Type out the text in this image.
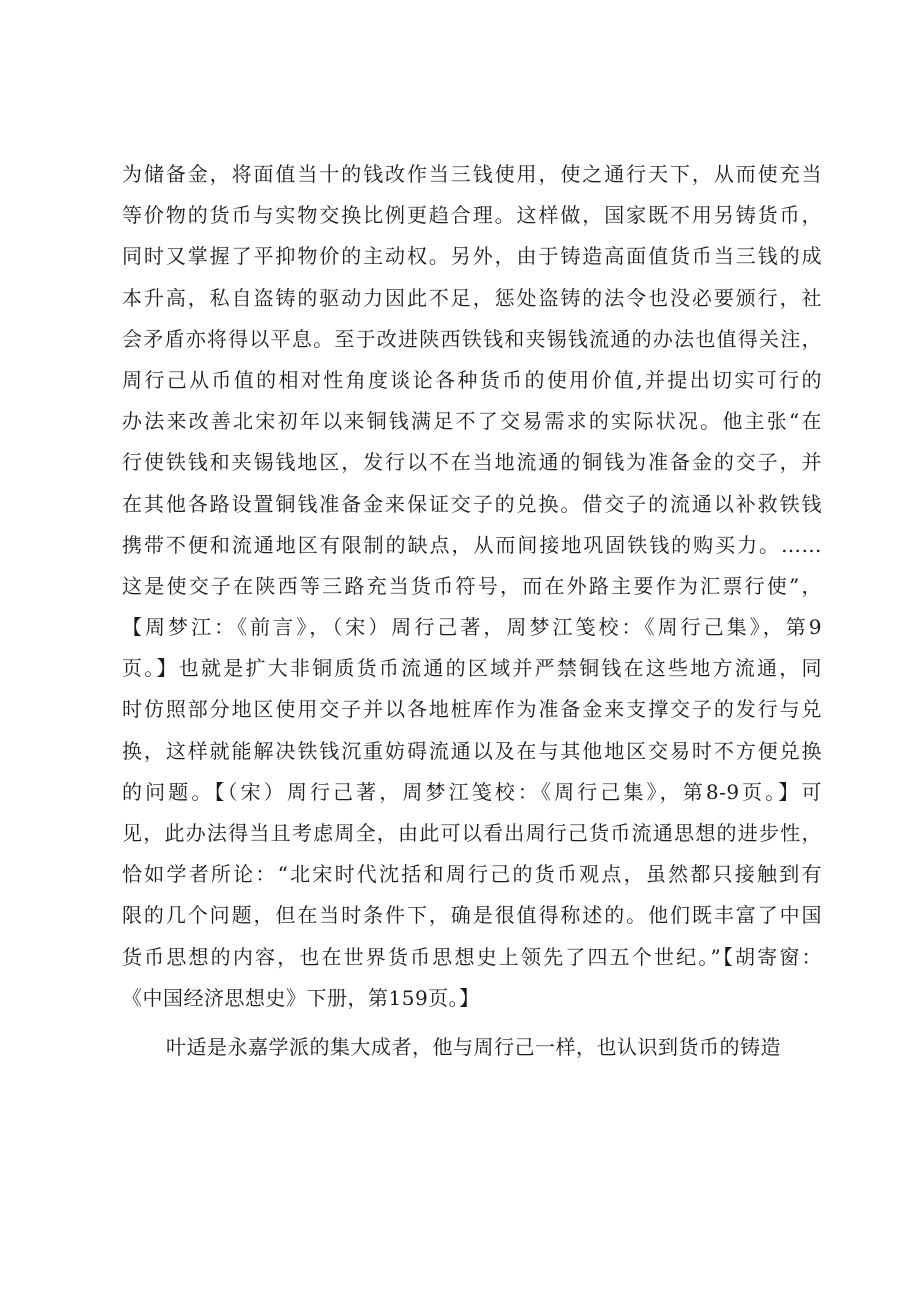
为储备金，将面值当十的钱改作当三钱使用，使之通行天下，从而使充当
等价物的货币与实物交换比例更趋合理。这样做，国家既不用另铸货币，
同时又掌握了平抑物价的主动权。另外，由于铸造高面值货币当三钱的成
本升高，私自盗铸的驱动力因此不足，惩处盗铸的法令也没必要颁行，社
会矛盾亦将得以平息。至于改进陕西铁钱和夹锡钱流通的办法也值得关注，
周行己从币值的相对性角度谈论各种货币的使用价值,并提出切实可行的
办法来改善北宋初年以来铜钱满足不了交易需求的实际状况。他主张“在
行使铁钱和夹锡钱地区，发行以不在当地流通的铜钱为准备金的交子，并
在其他各路设置铜钱准备金来保证交子的兑换。借交子的流通以补救铁钱
携带不便和流通地区有限制的缺点，从而间接地巩固铁钱的购买力。……
这是使交子在陕西等三路充当货币符号，而在外路主要作为汇票行使”，
【周梦江：《前言》，（宋）周行己著，周梦江笺校：《周行己集》，第9
页。】也就是扩大非铜质货币流通的区域并严禁铜钱在这些地方流通，同
时仿照部分地区使用交子并以各地桩库作为准备金来支撑交子的发行与兑
换，这样就能解决铁钱沉重妨碍流通以及在与其他地区交易时不方便兑换
的问题。【（宋）周行己著，周梦江笺校：《周行己集》，第8-9页。】可
见，此办法得当且考虑周全，由此可以看出周行己货币流通思想的进步性，
恰如学者所论：“北宋时代沈括和周行己的货币观点，虽然都只接触到有
限的几个问题，但在当时条件下，确是很值得称述的。他们既丰富了中国
货币思想的内容，也在世界货币思想史上领先了四五个世纪。”【胡寄窗：
《中国经济思想史》下册，第159页。】
叶适是永嘉学派的集大成者，他与周行己一样，也认识到货币的铸造
